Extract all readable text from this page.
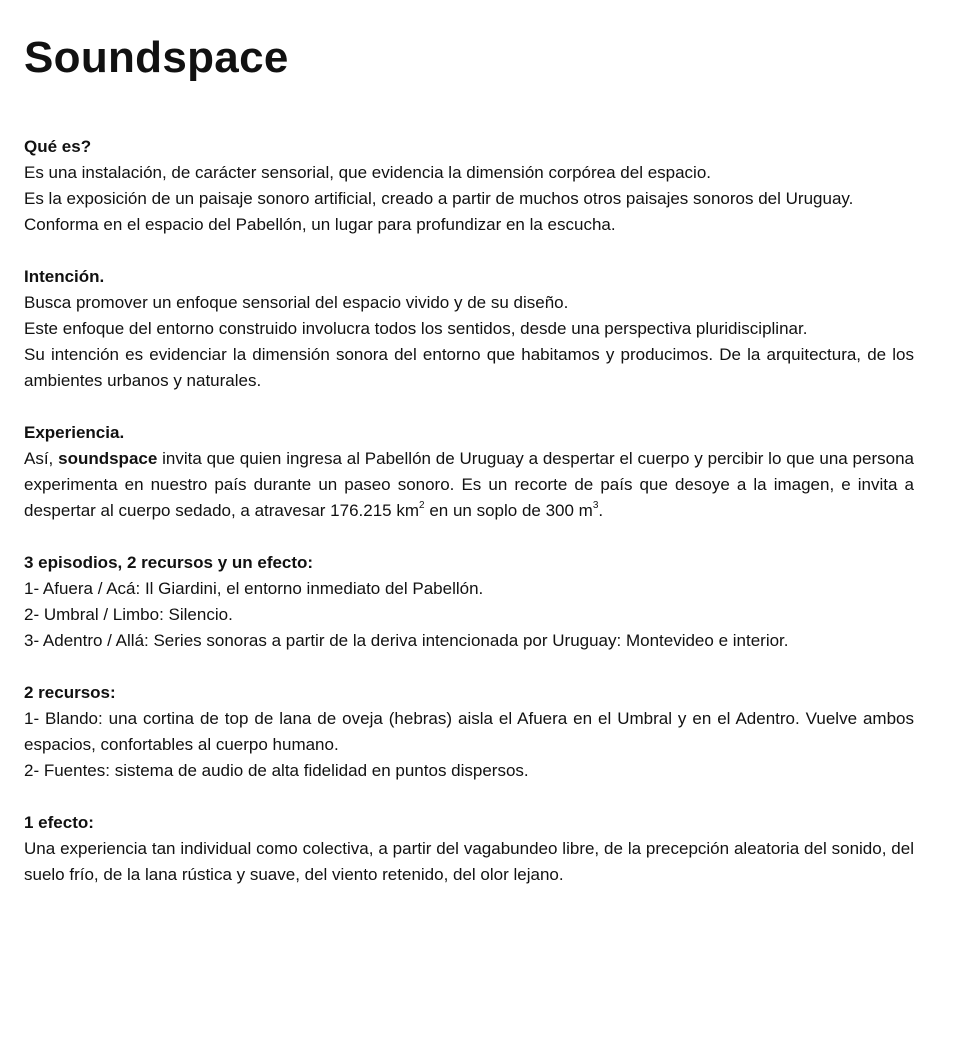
Soundspace

Qué es?

Es una instalación, de carácter sensorial, que evidencia la dimensión corpórea del espacio.

Es la exposición de un paisaje sonoro artificial, creado a partir de muchos otros paisajes sonoros del Uruguay.

Conforma en el espacio del Pabellón, un lugar para profundizar en la escucha.

Intención.

Busca promover un enfoque sensorial del espacio vivido y de su diseño.

Este enfoque del entorno construido involucra todos los sentidos, desde una perspectiva pluridisciplinar.

Su intención es evidenciar la dimensión sonora del entorno que habitamos y producimos. De la arquitectura, de los ambientes urbanos y naturales.

Experiencia.

Así, soundspace invita que quien ingresa al Pabellón de Uruguay a despertar el cuerpo y percibir lo que una persona experimenta en nuestro país durante un paseo sonoro. Es un recorte de país que desoye a la imagen, e invita a despertar al cuerpo sedado, a atravesar 176.215 $km^2$ en un soplo de 300 $m^3$.

3 episodios, 2 recursos y un efecto:

1- Afuera / Acá: Il Giardini, el entorno inmediato del Pabellón.

2- Umbral / Limbo: Silencio.

3- Adentro / Allá: Series sonoras a partir de la deriva intencionada por Uruguay: Montevideo e interior.

2 recursos:

1- Blando: una cortina de top de lana de oveja (hebras) aisla el Afuera en el Umbral y en el Adentro. Vuelve ambos espacios, confortables al cuerpo humano.

2- Fuentes: sistema de audio de alta fidelidad en puntos dispersos.

1 efecto:

Una experiencia tan individual como colectiva, a partir del vagabundeo libre, de la precepción aleatoria del sonido, del suelo frío, de la lana rústica y suave, del viento retenido, del olor lejano.
